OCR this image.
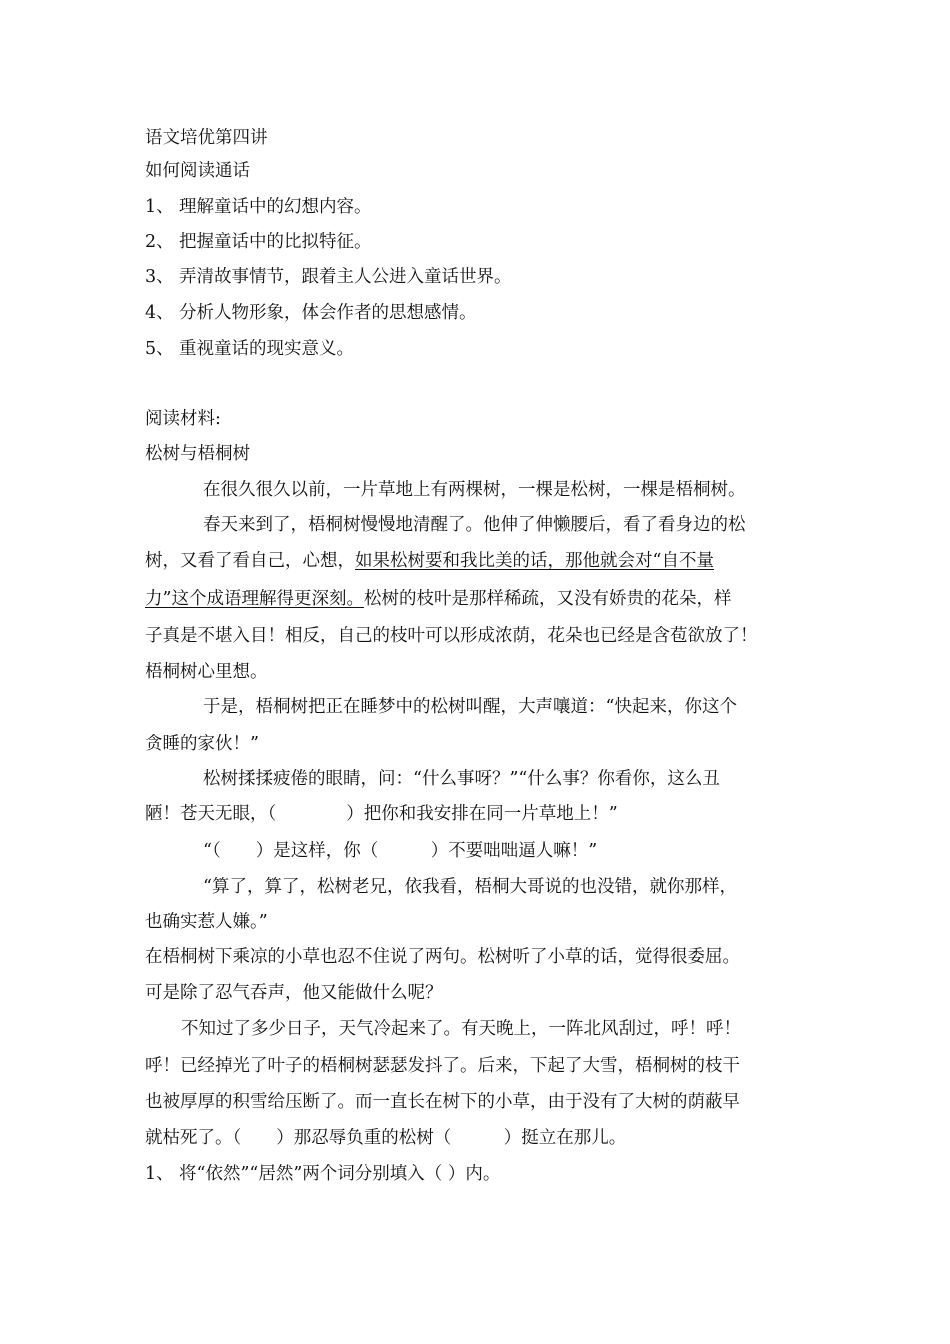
语文培优第四讲
如何阅读通话
1、 理解童话中的幻想内容。
2、 把握童话中的比拟特征。
3、 弄清故事情节，跟着主人公进入童话世界。
4、 分析人物形象，体会作者的思想感情。
5、 重视童话的现实意义。
阅读材料:
松树与梧桐树
在很久很久以前，一片草地上有两棵树，一棵是松树，一棵是梧桐树。
春天来到了，梧桐树慢慢地清醒了。他伸了伸懒腰后，看了看身边的松
树，又看了看自己，心想，如果松树要和我比美的话，那他就会对“自不量
力”这个成语理解得更深刻。松树的枝叶是那样稀疏，又没有娇贵的花朵，样
子真是不堪入目！相反，自己的枝叶可以形成浓荫，花朵也已经是含苞欲放了！
梧桐树心里想。
于是，梧桐树把正在睡梦中的松树叫醒，大声嚷道：“快起来，你这个
贪睡的家伙！”
松树揉揉疲倦的眼睛，问：“什么事呀？”“什么事？你看你，这么丑
陋！苍天无眼，（　　　　）把你和我安排在同一片草地上！”
“（　　）是这样，你（　　　）不要咄咄逼人嘛！”
“算了，算了，松树老兄，依我看，梧桐大哥说的也没错，就你那样，
也确实惹人嫌。”
在梧桐树下乘凉的小草也忍不住说了两句。松树听了小草的话，觉得很委屈。
可是除了忍气吞声，他又能做什么呢？
不知过了多少日子，天气冷起来了。有天晚上，一阵北风刮过，呼！呼！
呼！已经掉光了叶子的梧桐树瑟瑟发抖了。后来，下起了大雪，梧桐树的枝干
也被厚厚的积雪给压断了。而一直长在树下的小草，由于没有了大树的荫蔽早
就枯死了。（　　）那忍辱负重的松树（　　　）挺立在那儿。
1、 将“依然”“居然”两个词分别填入（ ）内。
